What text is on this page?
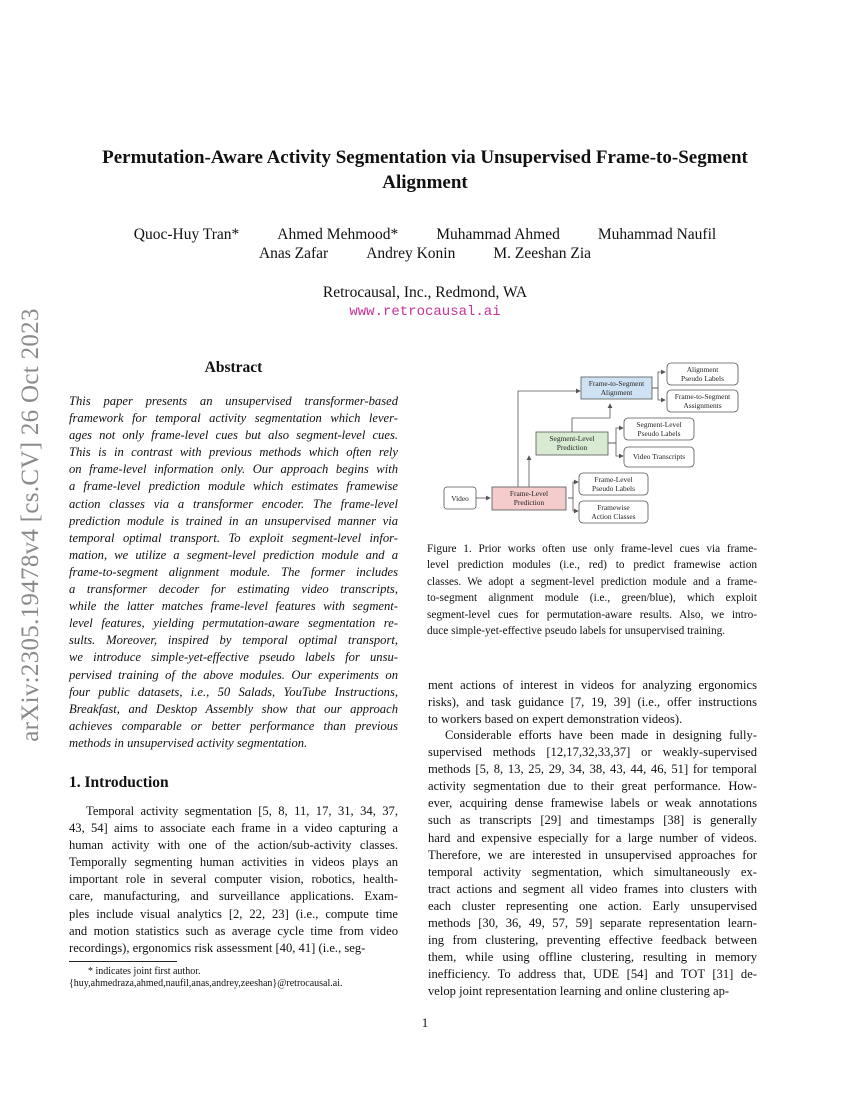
arXiv:2305.19478v4 [cs.CV] 26 Oct 2023
Permutation-Aware Activity Segmentation via Unsupervised Frame-to-Segment
Alignment
Quoc-Huy Tran* Ahmed Mehmood* Muhammad Ahmed Muhammad Naufil
Anas Zafar Andrey Konin M. Zeeshan Zia
Retrocausal, Inc., Redmond, WA
www.retrocausal.ai
Abstract
This paper presents an unsupervised transformer-based
framework for temporal activity segmentation which lever-
ages not only frame-level cues but also segment-level cues.
This is in contrast with previous methods which often rely
on frame-level information only. Our approach begins with
a frame-level prediction module which estimates framewise
action classes via a transformer encoder. The frame-level
prediction module is trained in an unsupervised manner via
temporal optimal transport. To exploit segment-level infor-
mation, we utilize a segment-level prediction module and a
frame-to-segment alignment module. The former includes
a transformer decoder for estimating video transcripts,
while the latter matches frame-level features with segment-
level features, yielding permutation-aware segmentation re-
sults. Moreover, inspired by temporal optimal transport,
we introduce simple-yet-effective pseudo labels for unsu-
pervised training of the above modules. Our experiments on
four public datasets, i.e., 50 Salads, YouTube Instructions,
Breakfast, and Desktop Assembly show that our approach
achieves comparable or better performance than previous
methods in unsupervised activity segmentation.
1. Introduction
Temporal activity segmentation [5, 8, 11, 17, 31, 34, 37,
43, 54] aims to associate each frame in a video capturing a
human activity with one of the action/sub-activity classes.
Temporally segmenting human activities in videos plays an
important role in several computer vision, robotics, health-
care, manufacturing, and surveillance applications. Exam-
ples include visual analytics [2, 22, 23] (i.e., compute time
and motion statistics such as average cycle time from video
recordings), ergonomics risk assessment [40, 41] (i.e., seg-
* indicates joint first author.
{huy,ahmedraza,ahmed,naufil,anas,andrey,zeeshan}@retrocausal.ai.
Video
Frame-Level
Prediction
Segment-Level
Prediction
Frame-to-Segment
Alignment
Alignment
Pseudo Labels
Frame-to-Segment
Assignments
Segment-Level
Pseudo Labels
Video Transcripts
Frame-Level
Pseudo Labels
Framewise
Action Classes
Figure 1. Prior works often use only frame-level cues via frame-
level prediction modules (i.e., red) to predict framewise action
classes. We adopt a segment-level prediction module and a frame-
to-segment alignment module (i.e., green/blue), which exploit
segment-level cues for permutation-aware results. Also, we intro-
duce simple-yet-effective pseudo labels for unsupervised training.
ment actions of interest in videos for analyzing ergonomics
risks), and task guidance [7, 19, 39] (i.e., offer instructions
to workers based on expert demonstration videos).
Considerable efforts have been made in designing fully-
supervised methods [12,17,32,33,37] or weakly-supervised
methods [5, 8, 13, 25, 29, 34, 38, 43, 44, 46, 51] for temporal
activity segmentation due to their great performance. How-
ever, acquiring dense framewise labels or weak annotations
such as transcripts [29] and timestamps [38] is generally
hard and expensive especially for a large number of videos.
Therefore, we are interested in unsupervised approaches for
temporal activity segmentation, which simultaneously ex-
tract actions and segment all video frames into clusters with
each cluster representing one action. Early unsupervised
methods [30, 36, 49, 57, 59] separate representation learn-
ing from clustering, preventing effective feedback between
them, while using offline clustering, resulting in memory
inefficiency. To address that, UDE [54] and TOT [31] de-
velop joint representation learning and online clustering ap-
1
